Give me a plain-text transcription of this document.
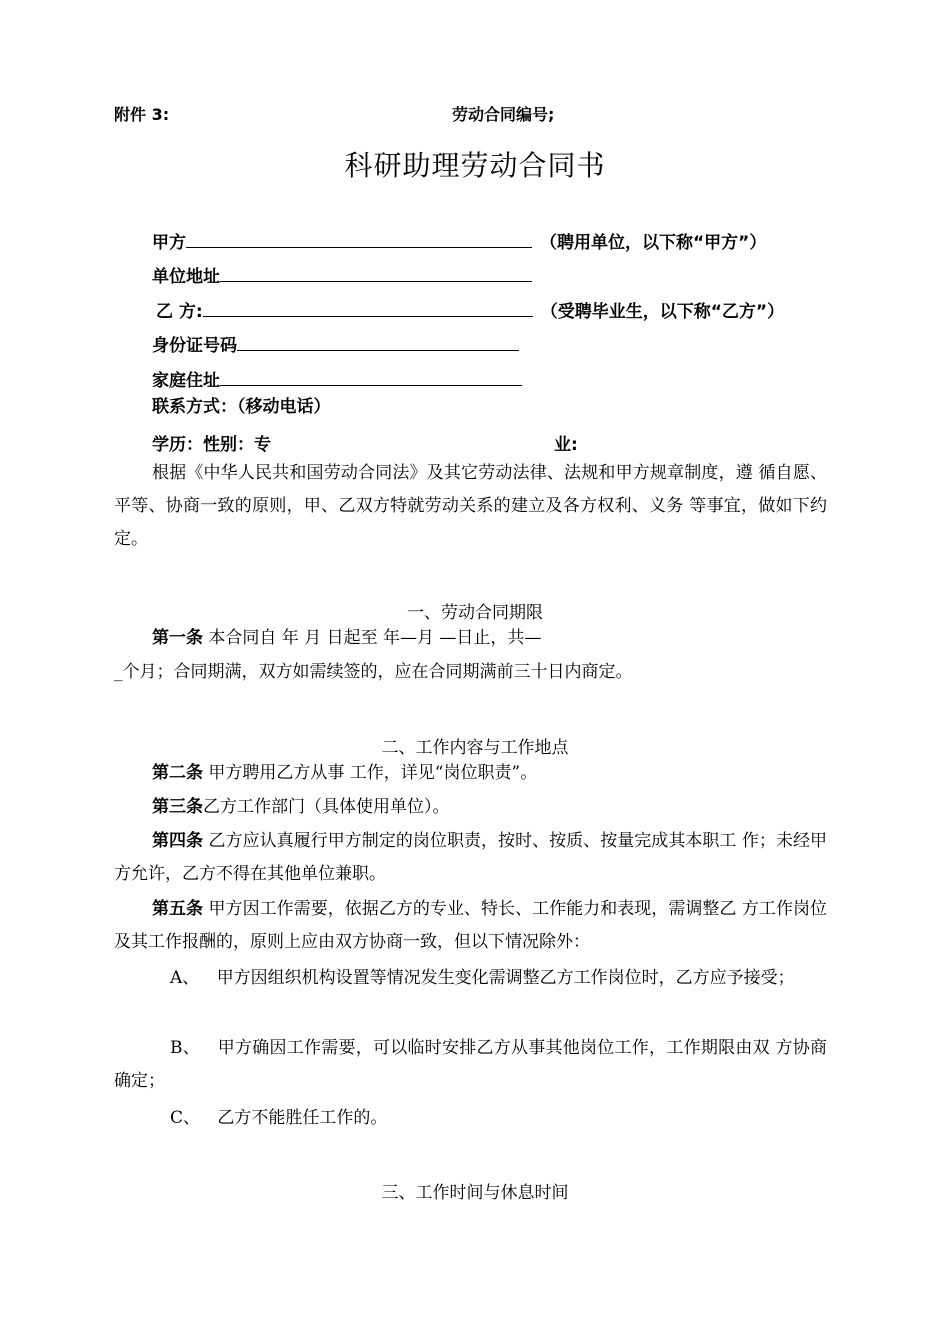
附件 3:	劳动合同编号;
科研助理劳动合同书
甲方	（聘用单位，以下称“甲方”）
单位地址
乙 方:	（受聘毕业生，以下称“乙方”）
身份证号码
家庭住址
联系方式：（移动电话）
学历：性别：专	业:
根据《中华人民共和国劳动合同法》及其它劳动法律、法规和甲方规章制度，遵 循自愿、平等、协商一致的原则，甲、乙双方特就劳动关系的建立及各方权利、义务 等事宜，做如下约定。
一、劳动合同期限
第一条 本合同自 年 月 日起至 年—月 —日止，共—
_个月；合同期满，双方如需续签的，应在合同期满前三十日内商定。
二、工作内容与工作地点
第二条 甲方聘用乙方从事 工作，详见“岗位职责”。
第三条乙方工作部门（具体使用单位）。
第四条 乙方应认真履行甲方制定的岗位职责，按时、按质、按量完成其本职工 作；未经甲方允许，乙方不得在其他单位兼职。
第五条 甲方因工作需要，依据乙方的专业、特长、工作能力和表现，需调整乙 方工作岗位及其工作报酬的，原则上应由双方协商一致，但以下情况除外：
A、 甲方因组织机构设置等情况发生变化需调整乙方工作岗位时，乙方应予接受；
B、 甲方确因工作需要，可以临时安排乙方从事其他岗位工作，工作期限由双 方协商确定；
C、 乙方不能胜任工作的。
三、工作时间与休息时间
